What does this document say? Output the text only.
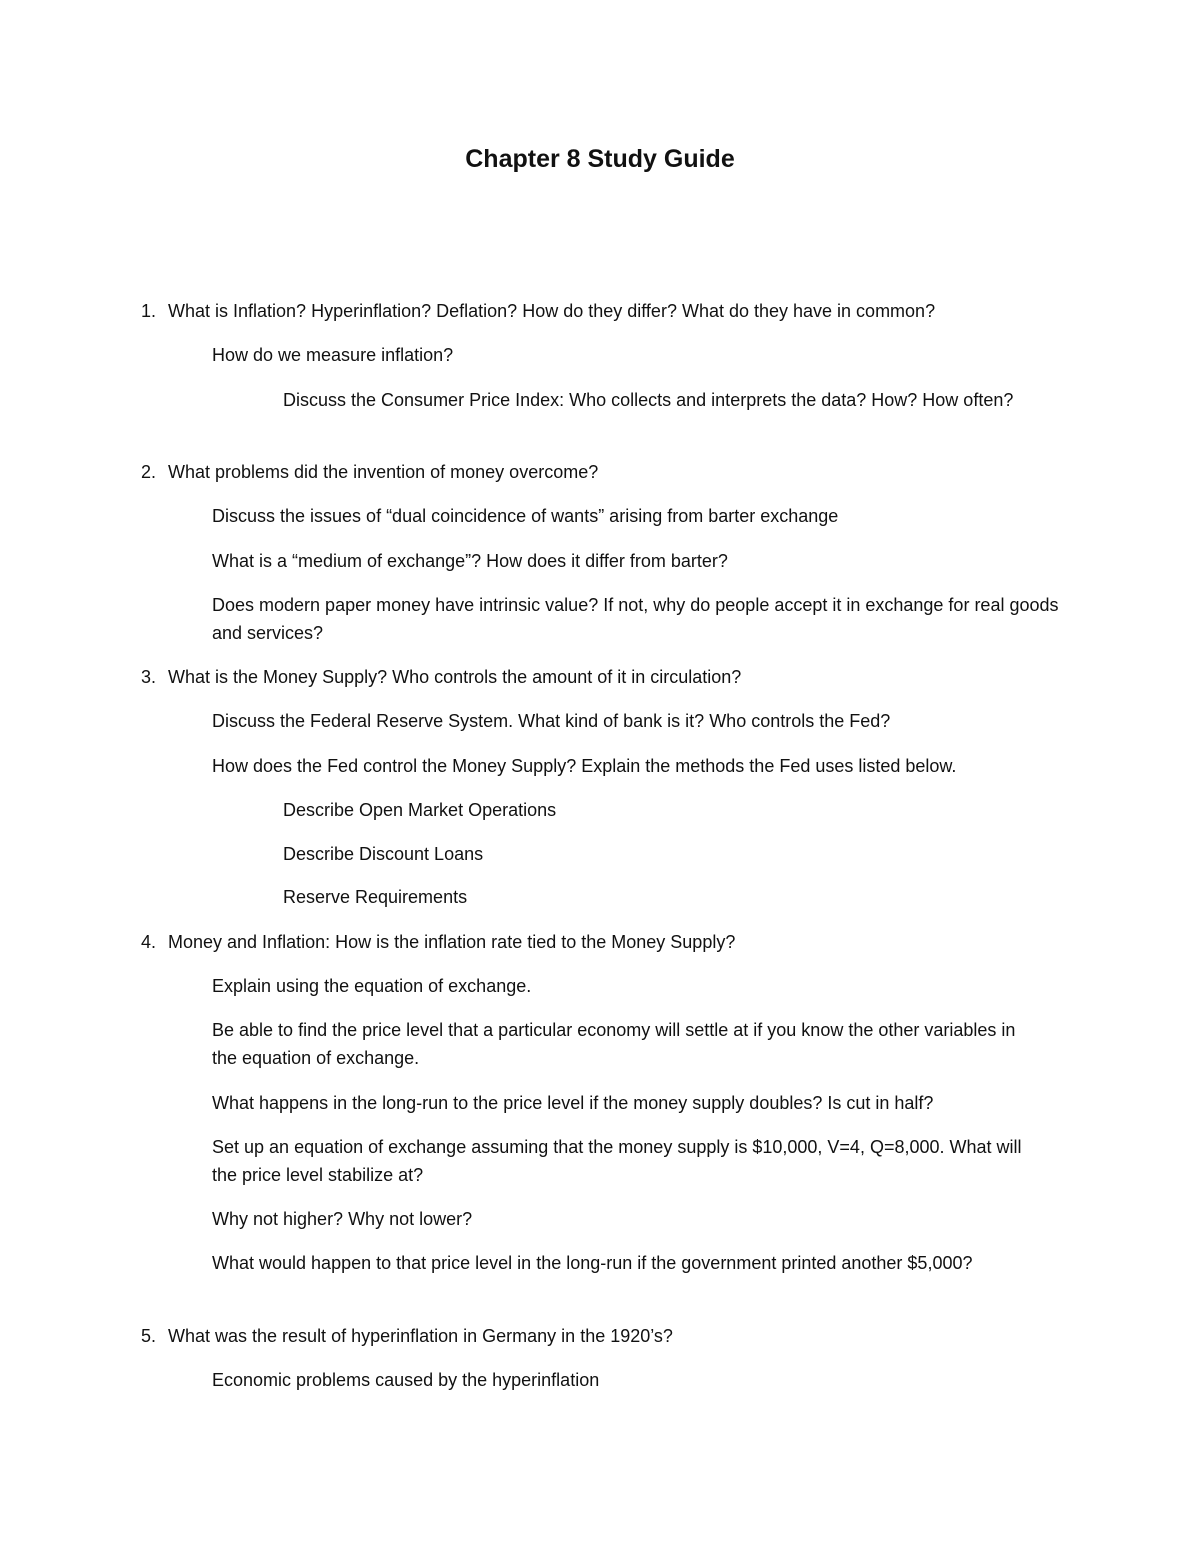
Chapter 8 Study Guide
1. What is Inflation? Hyperinflation? Deflation? How do they differ? What do they have in common?
How do we measure inflation?
Discuss the Consumer Price Index: Who collects and interprets the data? How? How often?
2. What problems did the invention of money overcome?
Discuss the issues of “dual coincidence of wants” arising from barter exchange
What is a “medium of exchange”? How does it differ from barter?
Does modern paper money have intrinsic value? If not, why do people accept it in exchange for real goods and services?
3. What is the Money Supply? Who controls the amount of it in circulation?
Discuss the Federal Reserve System. What kind of bank is it? Who controls the Fed?
How does the Fed control the Money Supply? Explain the methods the Fed uses listed below.
Describe Open Market Operations
Describe Discount Loans
Reserve Requirements
4. Money and Inflation: How is the inflation rate tied to the Money Supply?
Explain using the equation of exchange.
Be able to find the price level that a particular economy will settle at if you know the other variables in the equation of exchange.
What happens in the long-run to the price level if the money supply doubles? Is cut in half?
Set up an equation of exchange assuming that the money supply is $10,000, V=4, Q=8,000. What will the price level stabilize at?
Why not higher? Why not lower?
What would happen to that price level in the long-run if the government printed another $5,000?
5. What was the result of hyperinflation in Germany in the 1920’s?
Economic problems caused by the hyperinflation
